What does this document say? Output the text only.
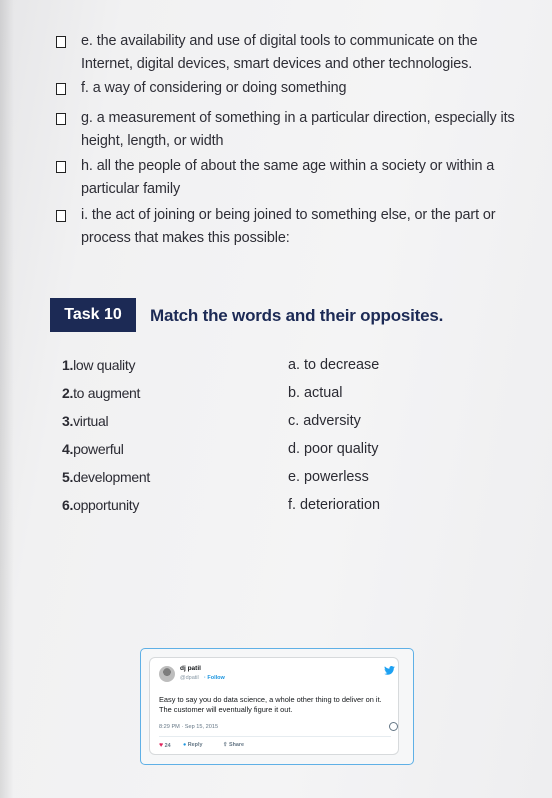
e. the availability and use of digital tools to communicate on the Internet, digital devices, smart devices and other technologies.
f. a way of considering or doing something
g. a measurement of something in a particular direction, especially its height, length, or width
h. all the people of about the same age within a society or within a particular family
i. the act of joining or being joined to something else, or the part or process that makes this possible:
Task 10	Match the words and their opposites.
1.low quality	a. to decrease
2.to augment	b. actual
3.virtual	c. adversity
4.powerful	d. poor quality
5.development	e. powerless
6.opportunity	f. deterioration
dj patil
@dpatil · Follow
Easy to say you do data science, a whole other thing to deliver on it. The customer will eventually figure it out.
8:29 PM · Sep 15, 2015
♥ 24 ● Reply	⇧ Share
